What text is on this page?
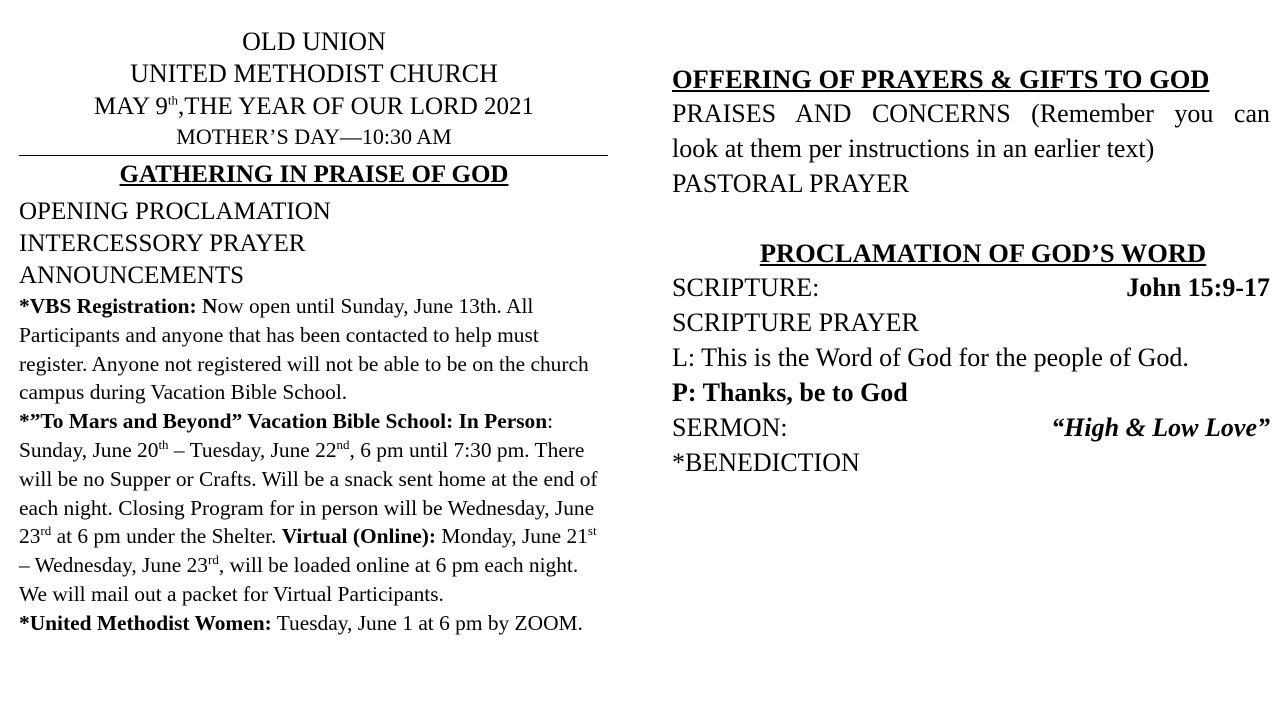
OLD UNION
UNITED METHODIST CHURCH
MAY 9th,THE YEAR OF OUR LORD 2021
MOTHER’S DAY—10:30 AM
GATHERING IN PRAISE OF GOD
OPENING PROCLAMATION
INTERCESSORY PRAYER
ANNOUNCEMENTS
*VBS Registration: Now open until Sunday, June 13th. All Participants and anyone that has been contacted to help must register. Anyone not registered will not be able to be on the church campus during Vacation Bible School.
*”To Mars and Beyond” Vacation Bible School: In Person: Sunday, June 20th – Tuesday, June 22nd, 6 pm until 7:30 pm. There will be no Supper or Crafts. Will be a snack sent home at the end of each night. Closing Program for in person will be Wednesday, June 23rd at 6 pm under the Shelter. Virtual (Online): Monday, June 21st – Wednesday, June 23rd, will be loaded online at 6 pm each night. We will mail out a packet for Virtual Participants.
*United Methodist Women: Tuesday, June 1 at 6 pm by ZOOM.
OFFERING OF PRAYERS & GIFTS TO GOD
PRAISES AND CONCERNS (Remember you can
look at them per instructions in an earlier text)
PASTORAL PRAYER
PROCLAMATION OF GOD’S WORD
SCRIPTURE:	John 15:9-17
SCRIPTURE PRAYER
L: This is the Word of God for the people of God.
P: Thanks, be to God
SERMON:	“High & Low Love”
*BENEDICTION
